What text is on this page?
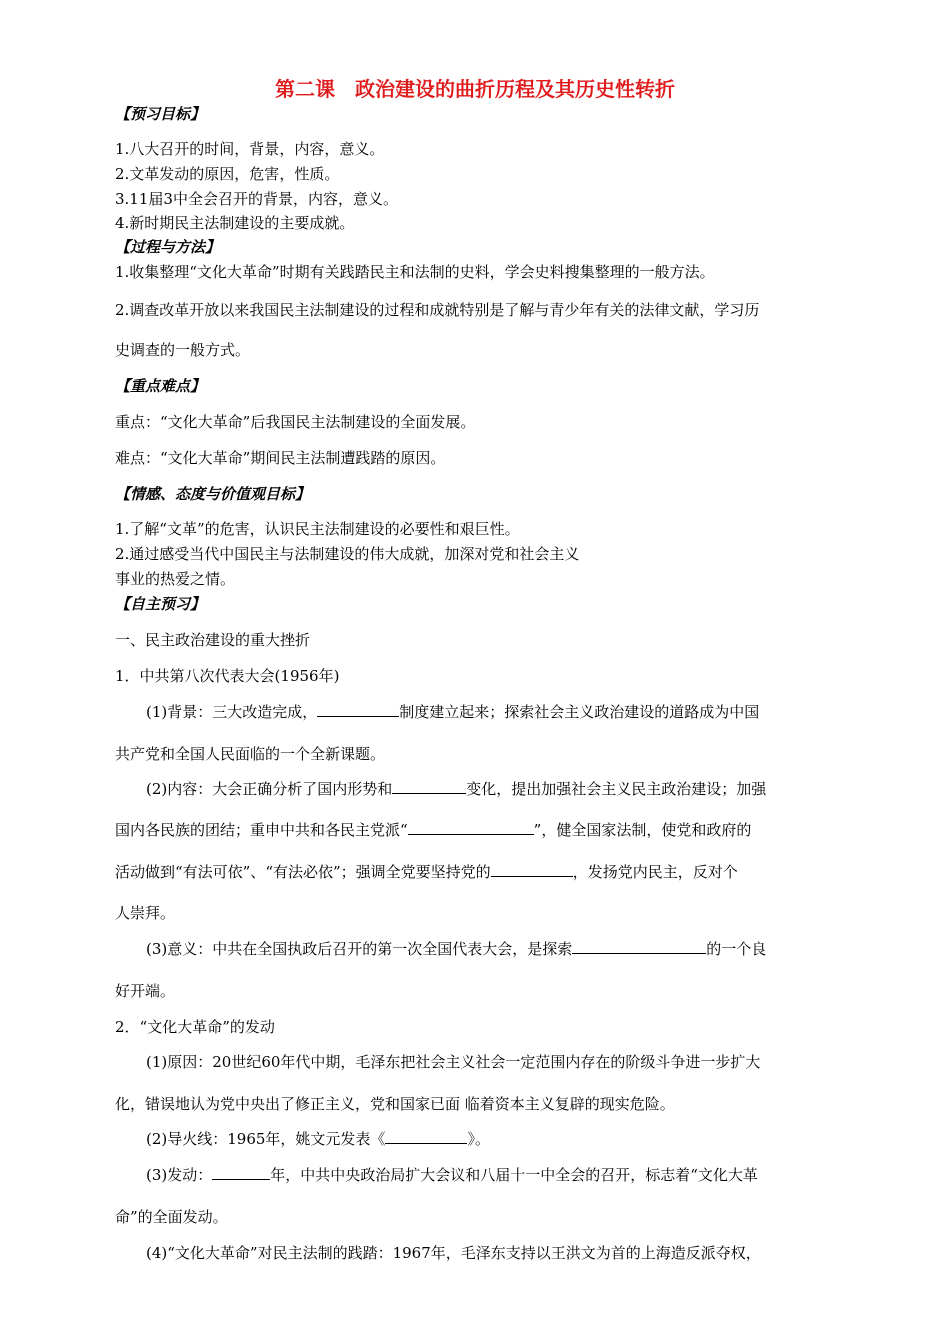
第二课　政治建设的曲折历程及其历史性转折
【预习目标】
1.八大召开的时间，背景，内容，意义。
2.文革发动的原因，危害，性质。
3.11届3中全会召开的背景，内容，意义。
4.新时期民主法制建设的主要成就。
【过程与方法】
1.收集整理“文化大革命”时期有关践踏民主和法制的史料，学会史料搜集整理的一般方法。
2.调查改革开放以来我国民主法制建设的过程和成就特别是了解与青少年有关的法律文献，学习历
史调查的一般方式。
【重点难点】
重点：“文化大革命”后我国民主法制建设的全面发展。
难点：“文化大革命”期间民主法制遭践踏的原因。
【情感、态度与价值观目标】
1.了解“文革”的危害，认识民主法制建设的必要性和艰巨性。
2.通过感受当代中国民主与法制建设的伟大成就，加深对党和社会主义
事业的热爱之情。
【自主预习】
一、民主政治建设的重大挫折
1．中共第八次代表大会(1956年)
(1)背景：三大改造完成，	制度建立起来；探索社会主义政治建设的道路成为中国
共产党和全国人民面临的一个全新课题。
(2)内容：大会正确分析了国内形势和	变化，提出加强社会主义民主政治建设；加强
国内各民族的团结；重申中共和各民主党派“	”，健全国家法制，使党和政府的
活动做到“有法可依”、“有法必依”；强调全党要坚持党的	，发扬党内民主，反对个
人崇拜。
(3)意义：中共在全国执政后召开的第一次全国代表大会，是探索	的一个良
好开端。
2．“文化大革命”的发动
(1)原因：20世纪60年代中期，毛泽东把社会主义社会一定范围内存在的阶级斗争进一步扩大
化，错误地认为党中央出了修正主义，党和国家已面 临着资本主义复辟的现实危险。
(2)导火线：1965年，姚文元发表《	》。
(3)发动：	年，中共中央政治局扩大会议和八届十一中全会的召开，标志着“文化大革
命”的全面发动。
(4)“文化大革命”对民主法制的践踏：1967年，毛泽东支持以王洪文为首的上海造反派夺权，
